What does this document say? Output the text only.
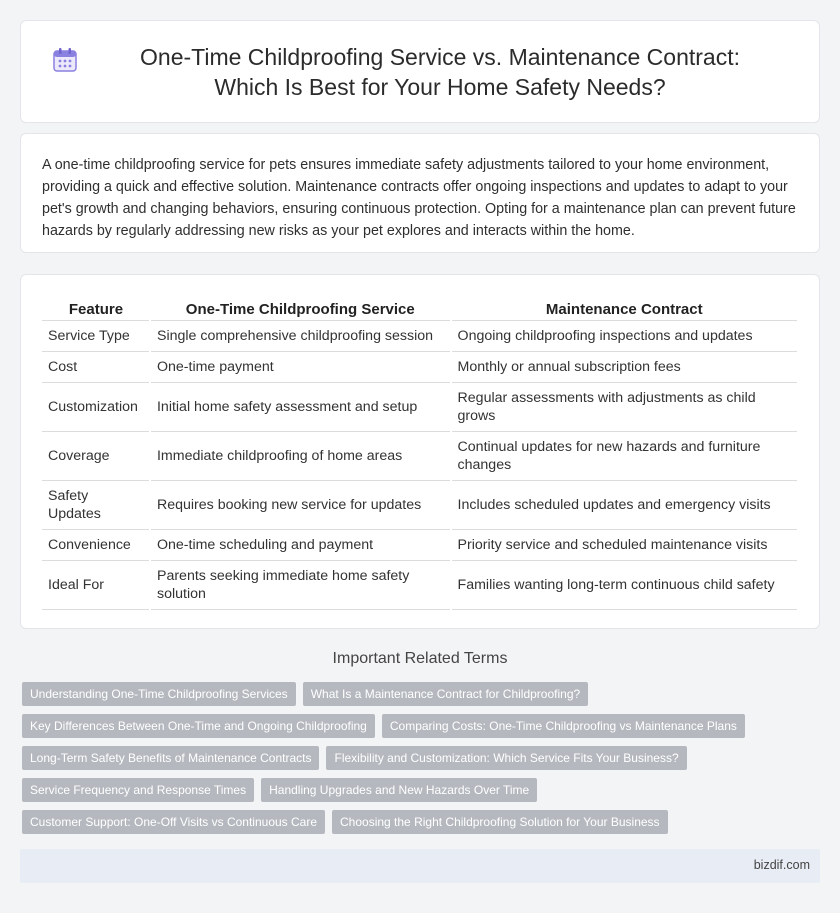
One-Time Childproofing Service vs. Maintenance Contract: Which Is Best for Your Home Safety Needs?

A one-time childproofing service for pets ensures immediate safety adjustments tailored to your home environment, providing a quick and effective solution. Maintenance contracts offer ongoing inspections and updates to adapt to your pet's growth and changing behaviors, ensuring continuous protection. Opting for a maintenance plan can prevent future hazards by regularly addressing new risks as your pet explores and interacts within the home.

Feature	One-Time Childproofing Service	Maintenance Contract
Service Type	Single comprehensive childproofing session	Ongoing childproofing inspections and updates
Cost	One-time payment	Monthly or annual subscription fees
Customization	Initial home safety assessment and setup	Regular assessments with adjustments as child grows
Coverage	Immediate childproofing of home areas	Continual updates for new hazards and furniture changes
Safety Updates	Requires booking new service for updates	Includes scheduled updates and emergency visits
Convenience	One-time scheduling and payment	Priority service and scheduled maintenance visits
Ideal For	Parents seeking immediate home safety solution	Families wanting long-term continuous child safety
Important Related Terms
Understanding One-Time Childproofing Services	What Is a Maintenance Contract for Childproofing?
Key Differences Between One-Time and Ongoing Childproofing	Comparing Costs: One-Time Childproofing vs Maintenance Plans
Long-Term Safety Benefits of Maintenance Contracts	Flexibility and Customization: Which Service Fits Your Business?
Service Frequency and Response Times	Handling Upgrades and New Hazards Over Time
Customer Support: One-Off Visits vs Continuous Care	Choosing the Right Childproofing Solution for Your Business
bizdif.com
